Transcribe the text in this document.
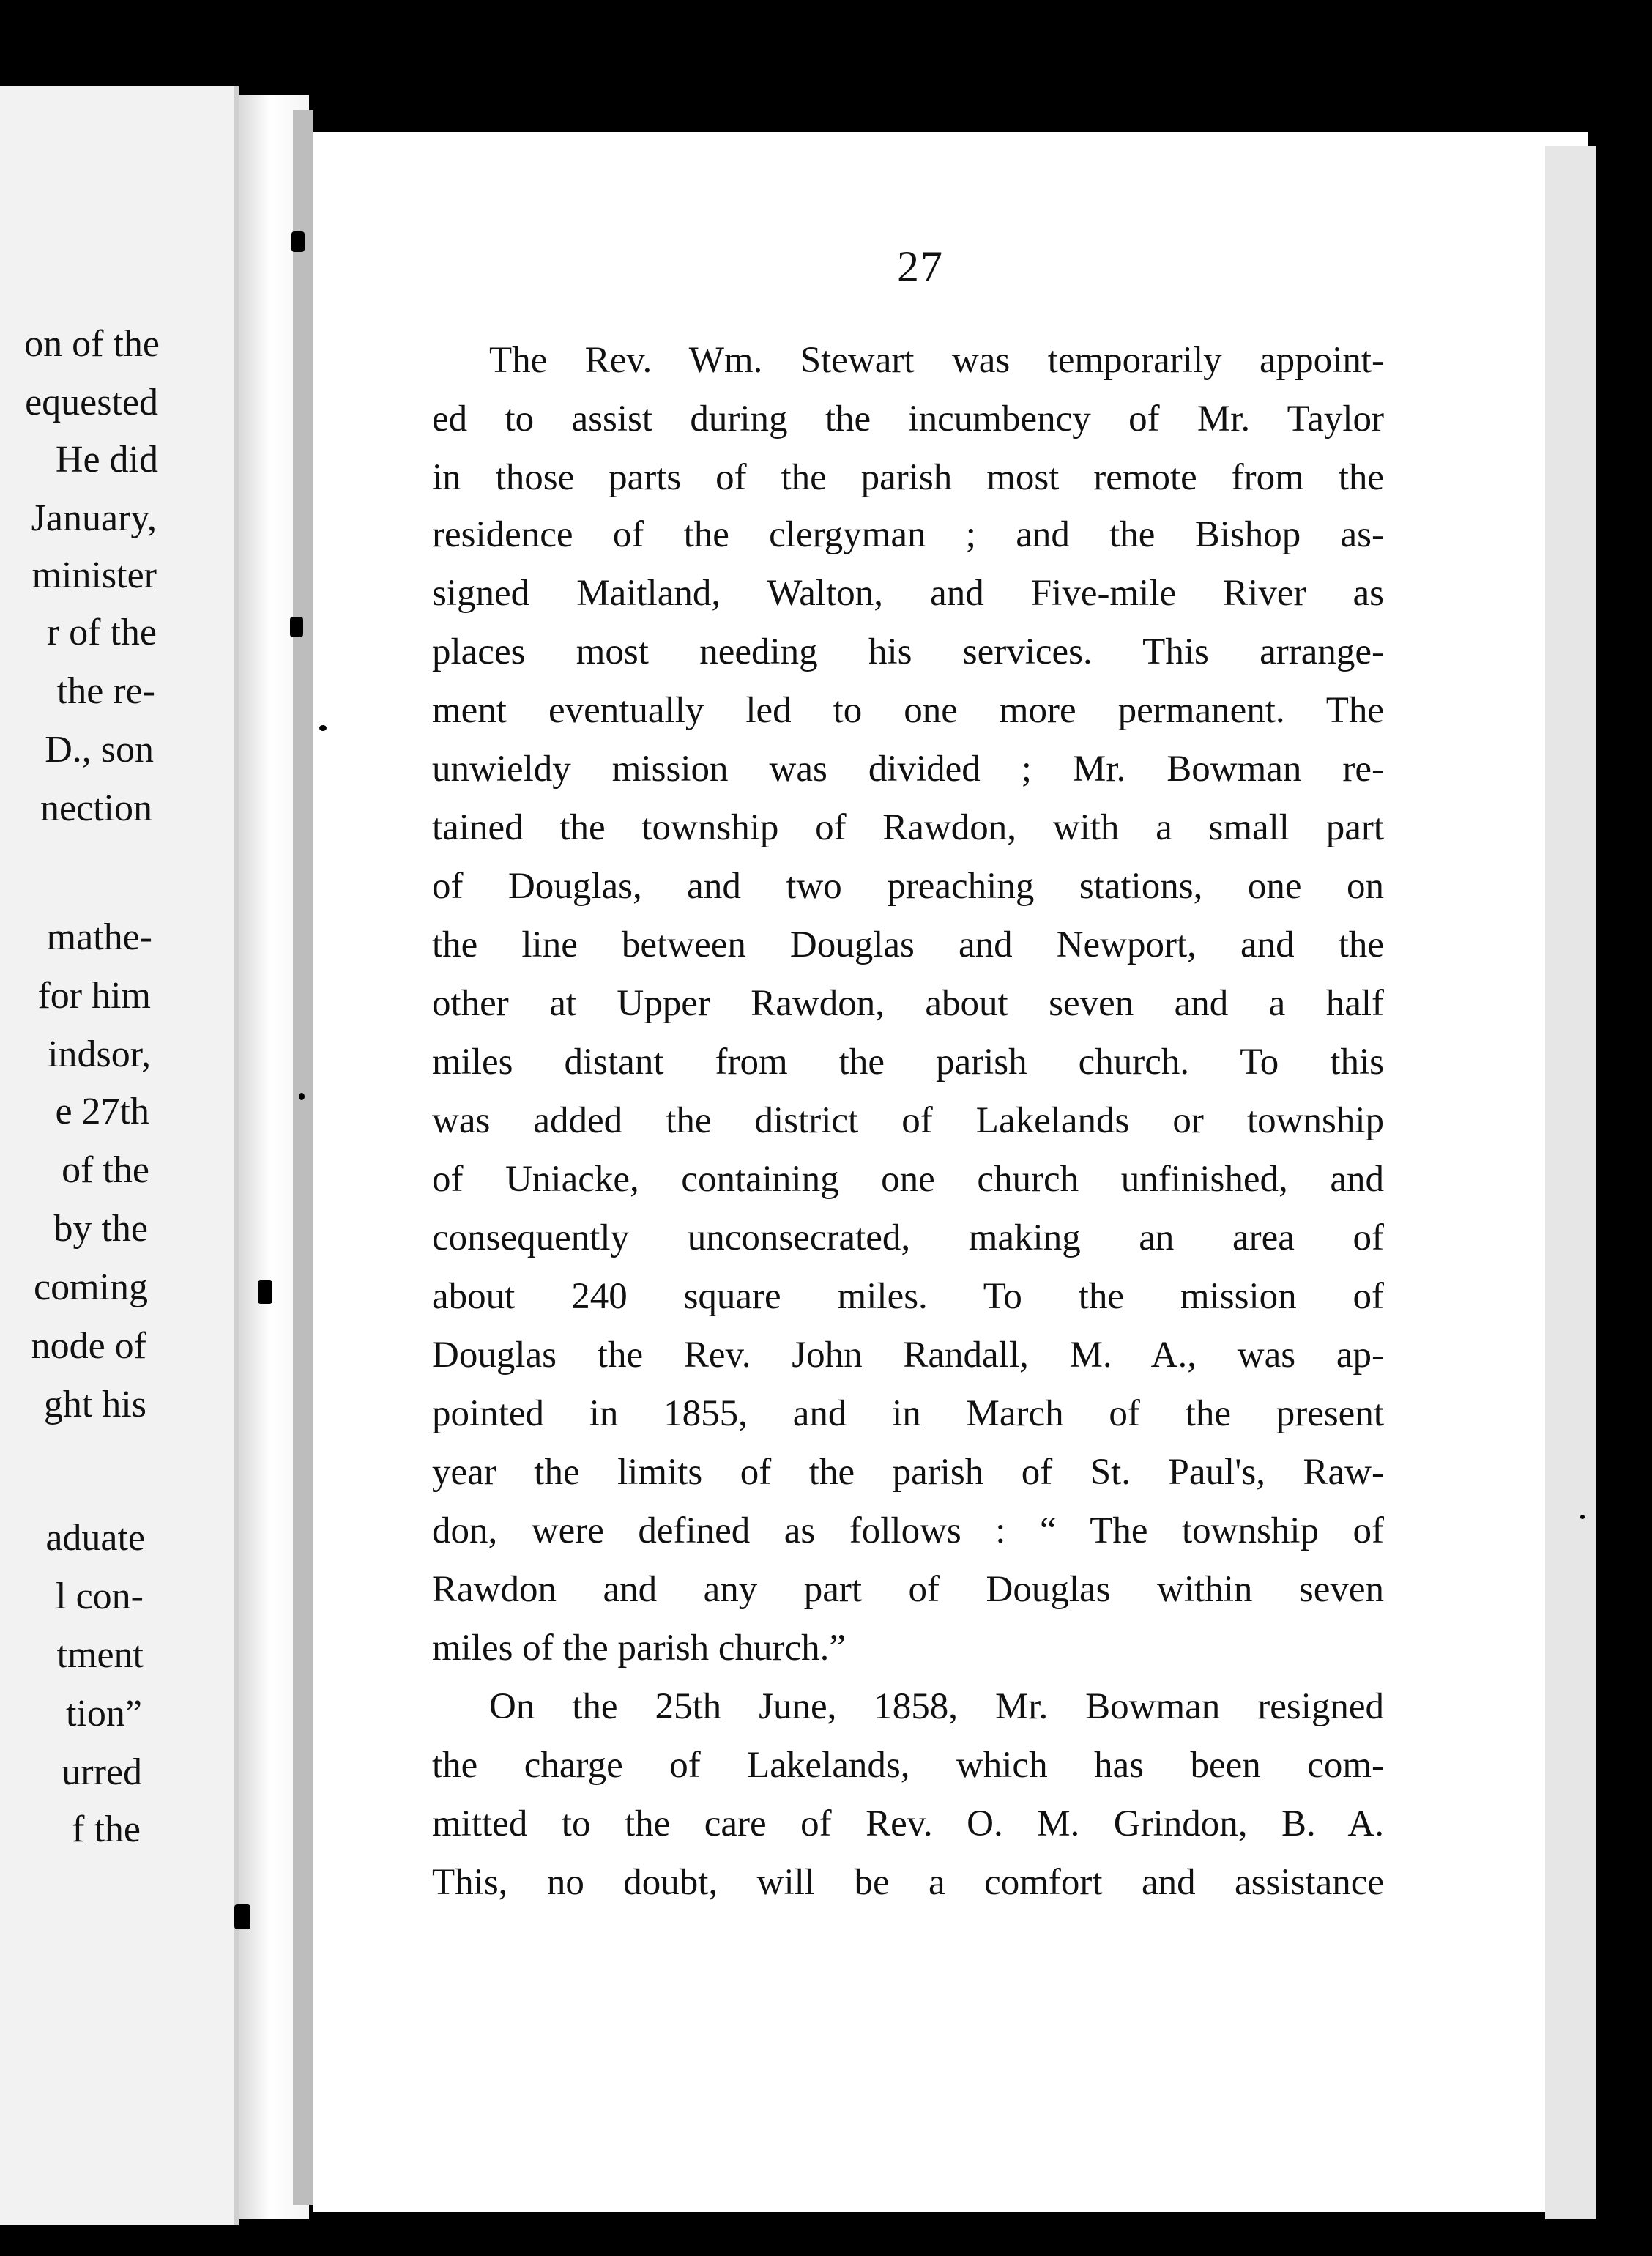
on of the
equested
He did
January,
minister
r of the
the re-
D., son
nection
mathe-
for him
indsor,
e 27th
of the
by the
coming
node of
ght his
aduate
l con-
tment
tion”
urred
f the
27
The Rev. Wm. Stewart was temporarily appoint-
ed to assist during the incumbency of Mr. Taylor
in those parts of the parish most remote from the
residence of the clergyman ; and the Bishop as-
signed Maitland, Walton, and Five-mile River as
places most needing his services. This arrange-
ment eventually led to one more permanent. The
unwieldy mission was divided ; Mr. Bowman re-
tained the township of Rawdon, with a small part
of Douglas, and two preaching stations, one on
the line between Douglas and Newport, and the
other at Upper Rawdon, about seven and a half
miles distant from the parish church. To this
was added the district of Lakelands or township
of Uniacke, containing one church unfinished, and
consequently unconsecrated, making an area of
about 240 square miles. To the mission of
Douglas the Rev. John Randall, M. A., was ap-
pointed in 1855, and in March of the present
year the limits of the parish of St. Paul's, Raw-
don, were defined as follows : “ The township of
Rawdon and any part of Douglas within seven
miles of the parish church.”
On the 25th June, 1858, Mr. Bowman resigned
the charge of Lakelands, which has been com-
mitted to the care of Rev. O. M. Grindon, B. A.
This, no doubt, will be a comfort and assistance
